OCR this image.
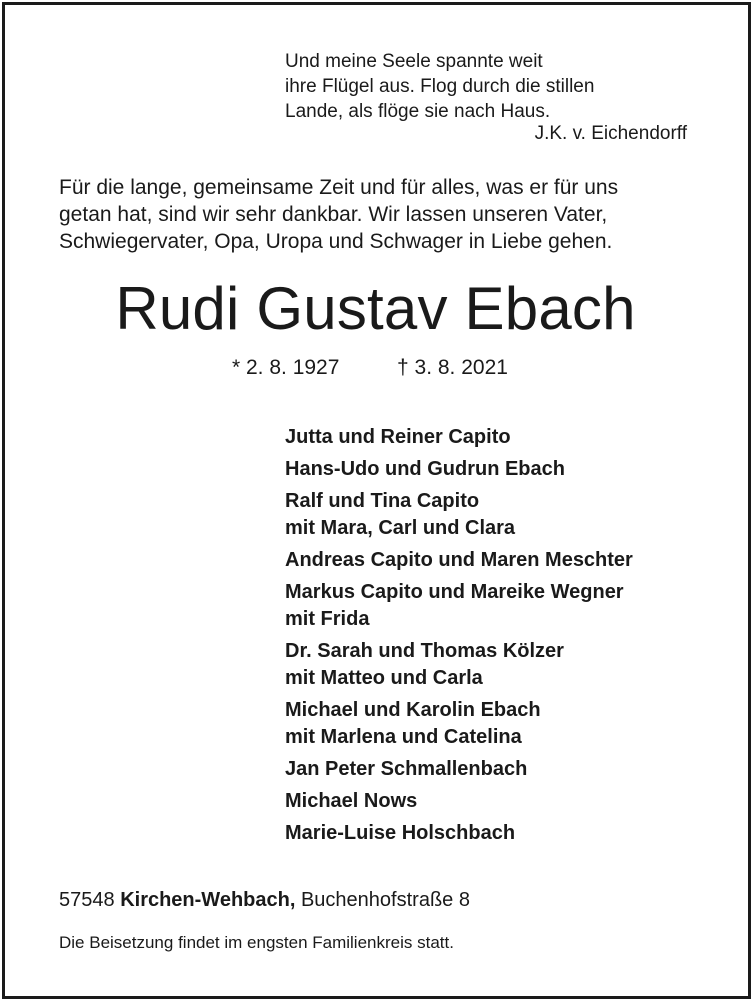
Und meine Seele spannte weit
ihre Flügel aus. Flog durch die stillen
Lande, als flöge sie nach Haus.
J.K. v. Eichendorff
Für die lange, gemeinsame Zeit und für alles, was er für uns
getan hat, sind wir sehr dankbar. Wir lassen unseren Vater,
Schwiegervater, Opa, Uropa und Schwager in Liebe gehen.
Rudi Gustav Ebach
* 2. 8. 1927	† 3. 8. 2021
Jutta und Reiner Capito
Hans-Udo und Gudrun Ebach
Ralf und Tina Capito
mit Mara, Carl und Clara
Andreas Capito und Maren Meschter
Markus Capito und Mareike Wegner
mit Frida
Dr. Sarah und Thomas Kölzer
mit Matteo und Carla
Michael und Karolin Ebach
mit Marlena und Catelina
Jan Peter Schmallenbach
Michael Nows
Marie-Luise Holschbach
57548 Kirchen-Wehbach, Buchenhofstraße 8
Die Beisetzung findet im engsten Familienkreis statt.
